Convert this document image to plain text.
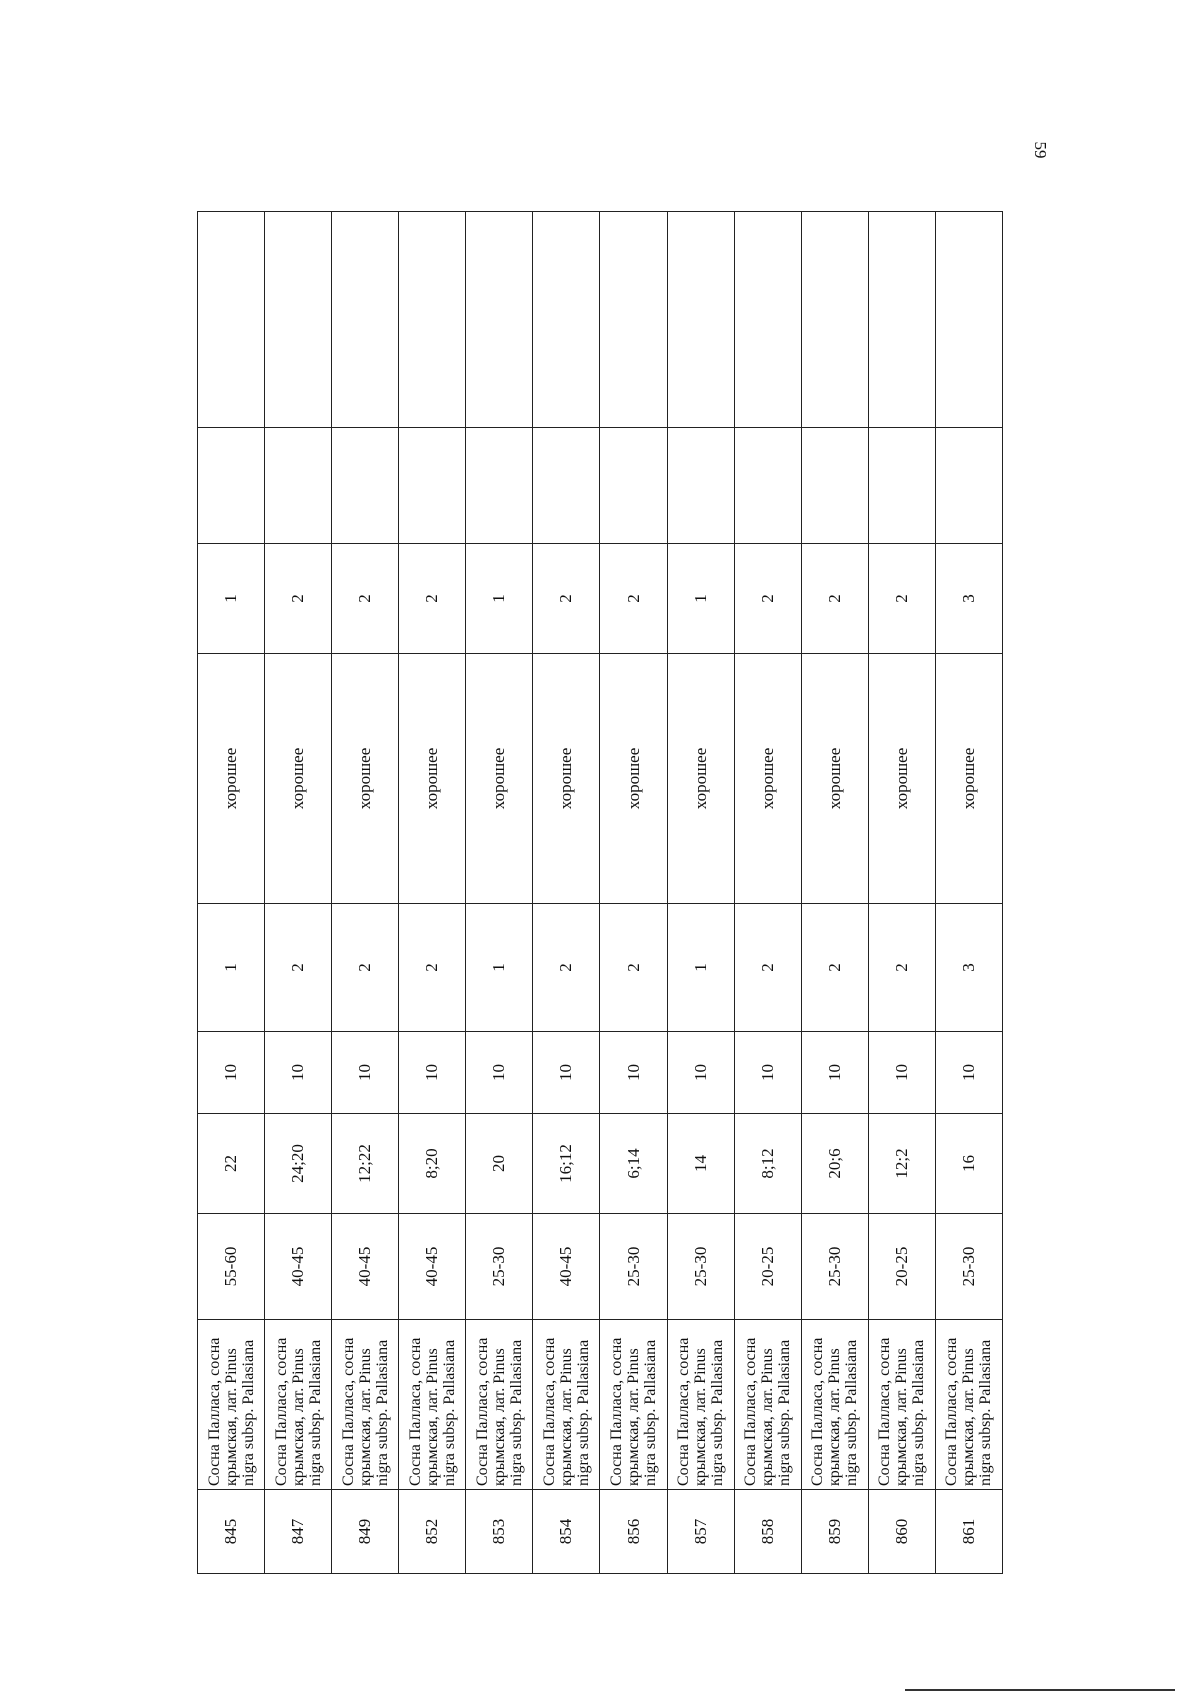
59
845	Сосна Палласа, сосна крымская, лат. Pinus nigra subsp. Pallasiana	55-60	22	10	1	хорошее	1		
847	Сосна Палласа, сосна крымская, лат. Pinus nigra subsp. Pallasiana	40-45	24;20	10	2	хорошее	2		
849	Сосна Палласа, сосна крымская, лат. Pinus nigra subsp. Pallasiana	40-45	12;22	10	2	хорошее	2		
852	Сосна Палласа, сосна крымская, лат. Pinus nigra subsp. Pallasiana	40-45	8;20	10	2	хорошее	2		
853	Сосна Палласа, сосна крымская, лат. Pinus nigra subsp. Pallasiana	25-30	20	10	1	хорошее	1		
854	Сосна Палласа, сосна крымская, лат. Pinus nigra subsp. Pallasiana	40-45	16;12	10	2	хорошее	2		
856	Сосна Палласа, сосна крымская, лат. Pinus nigra subsp. Pallasiana	25-30	6;14	10	2	хорошее	2		
857	Сосна Палласа, сосна крымская, лат. Pinus nigra subsp. Pallasiana	25-30	14	10	1	хорошее	1		
858	Сосна Палласа, сосна крымская, лат. Pinus nigra subsp. Pallasiana	20-25	8;12	10	2	хорошее	2		
859	Сосна Палласа, сосна крымская, лат. Pinus nigra subsp. Pallasiana	25-30	20;6	10	2	хорошее	2		
860	Сосна Палласа, сосна крымская, лат. Pinus nigra subsp. Pallasiana	20-25	12;2	10	2	хорошее	2		
861	Сосна Палласа, сосна крымская, лат. Pinus nigra subsp. Pallasiana	25-30	16	10	3	хорошее	3		
